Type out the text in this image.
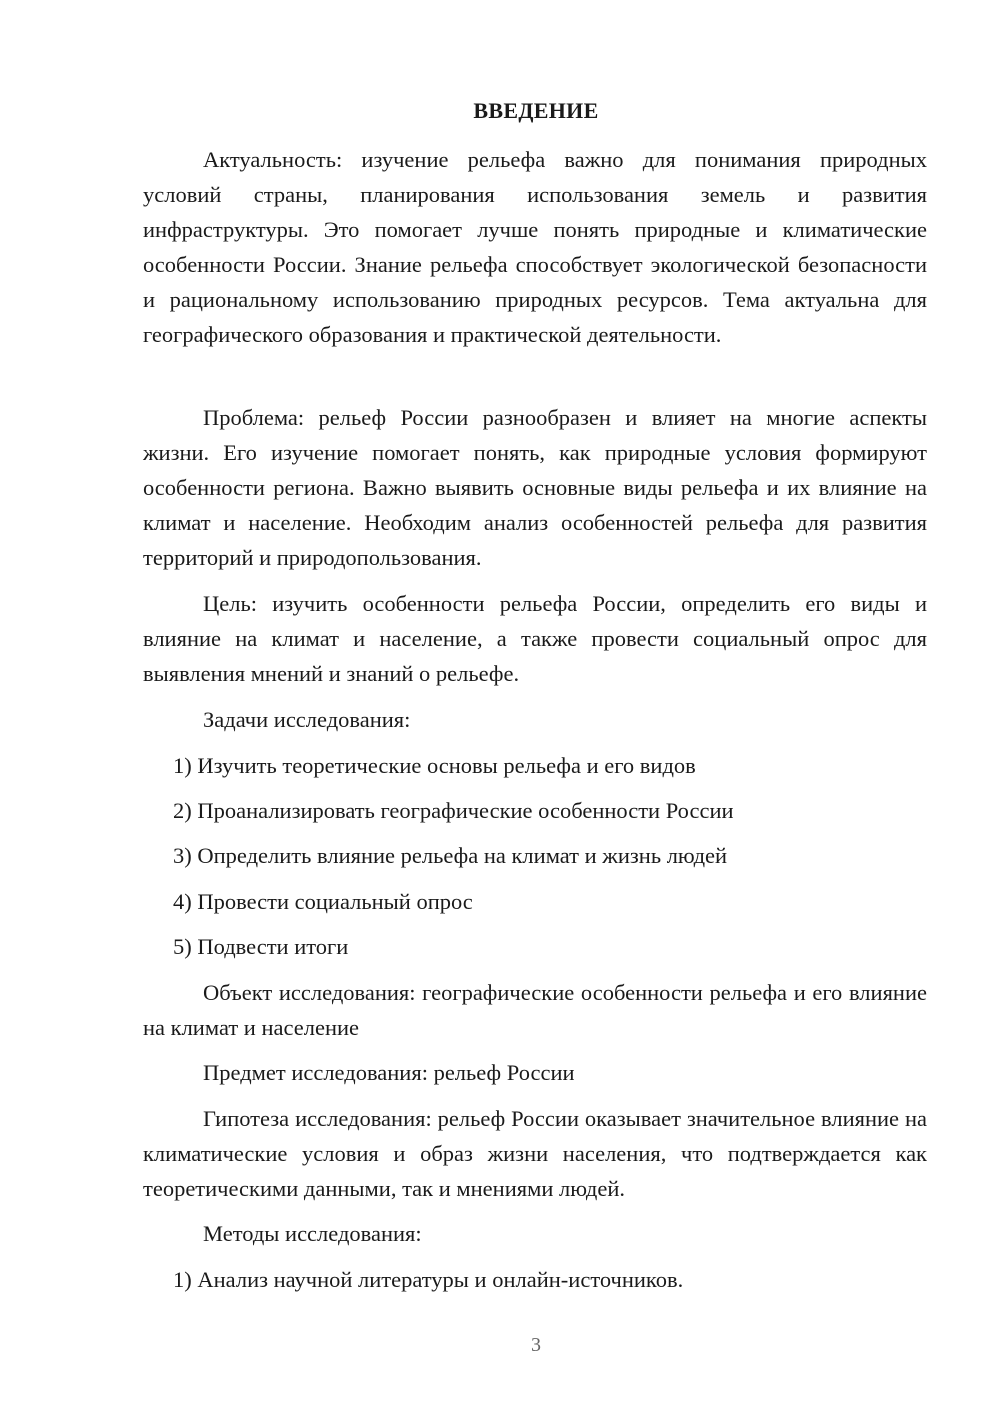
ВВЕДЕНИЕ

Актуальность: изучение рельефа важно для понимания природных условий страны, планирования использования земель и развития инфраструктуры. Это помогает лучше понять природные и климатические особенности России. Знание рельефа способствует экологической безопасности и рациональному использованию природных ресурсов. Тема актуальна для географического образования и практической деятельности.

Проблема: рельеф России разнообразен и влияет на многие аспекты жизни. Его изучение помогает понять, как природные условия формируют особенности региона. Важно выявить основные виды рельефа и их влияние на климат и население. Необходим анализ особенностей рельефа для развития территорий и природопользования.

Цель: изучить особенности рельефа России, определить его виды и влияние на климат и население, а также провести социальный опрос для выявления мнений и знаний о рельефе.

Задачи исследования:

1) Изучить теоретические основы рельефа и его видов

2) Проанализировать географические особенности России

3) Определить влияние рельефа на климат и жизнь людей

4) Провести социальный опрос

5) Подвести итоги

Объект исследования: географические особенности рельефа и его влияние на климат и население

Предмет исследования: рельеф России

Гипотеза исследования: рельеф России оказывает значительное влияние на климатические условия и образ жизни населения, что подтверждается как теоретическими данными, так и мнениями людей.

Методы исследования:

1) Анализ научной литературы и онлайн-источников.

3
